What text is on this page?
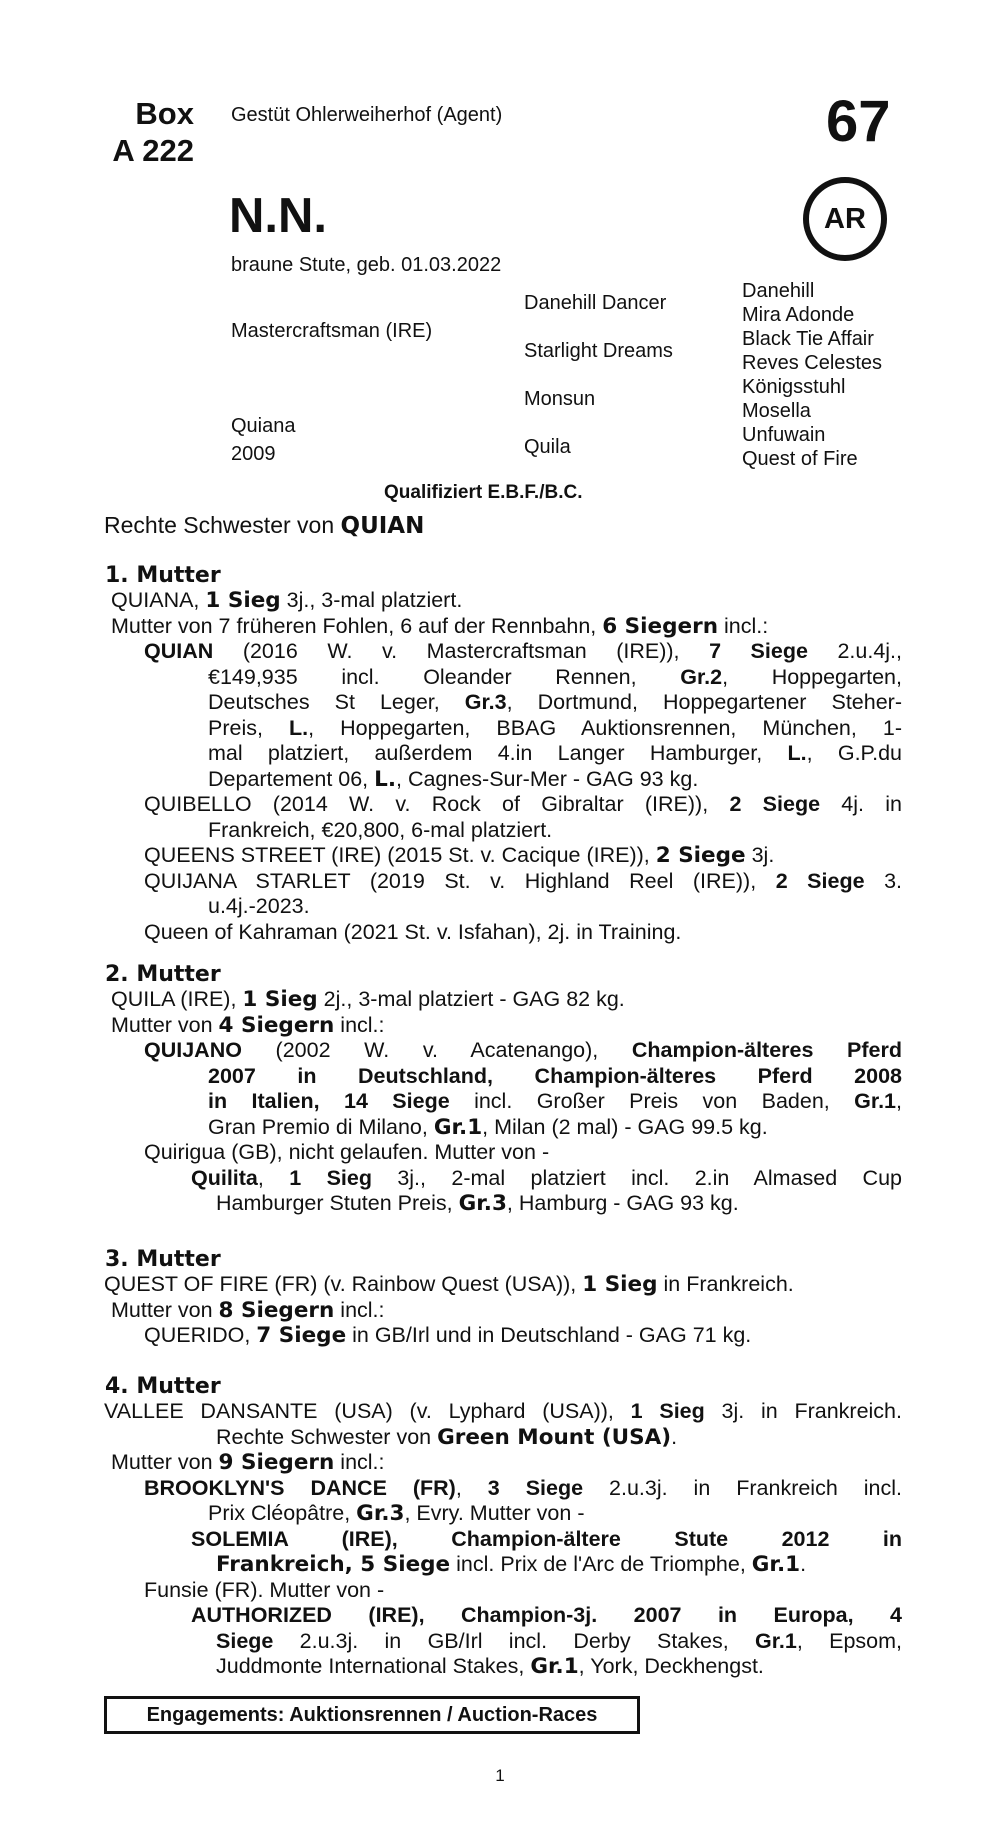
Box
A 222
Gestüt Ohlerweiherhof (Agent)	67
AR
N.N.
braune Stute, geb. 01.03.2022
Mastercraftsman (IRE)
Quiana
2009
Danehill Dancer
Starlight Dreams
Monsun
Quila
Danehill
Mira Adonde
Black Tie Affair
Reves Celestes
Königsstuhl
Mosella
Unfuwain
Quest of Fire
Qualifiziert E.B.F./B.C.
Rechte Schwester von QUIAN
1. Mutter
QUIANA, 1 Sieg 3j., 3-mal platziert.
Mutter von 7 früheren Fohlen, 6 auf der Rennbahn, 6 Siegern incl.:
QUIAN (2016 W. v. Mastercraftsman (IRE)), 7 Siege 2.u.4j.,
€149,935 incl. Oleander Rennen, Gr.2, Hoppegarten,
Deutsches St Leger, Gr.3, Dortmund, Hoppegartener Steher-
Preis, L., Hoppegarten, BBAG Auktionsrennen, München, 1-
mal platziert, außerdem 4.in Langer Hamburger, L., G.P.du
Departement 06, L., Cagnes-Sur-Mer - GAG 93 kg.
QUIBELLO (2014 W. v. Rock of Gibraltar (IRE)), 2 Siege 4j. in
Frankreich, €20,800, 6-mal platziert.
QUEENS STREET (IRE) (2015 St. v. Cacique (IRE)), 2 Siege 3j.
QUIJANA STARLET (2019 St. v. Highland Reel (IRE)), 2 Siege 3.
u.4j.-2023.
Queen of Kahraman (2021 St. v. Isfahan), 2j. in Training.
2. Mutter
QUILA (IRE), 1 Sieg 2j., 3-mal platziert - GAG 82 kg.
Mutter von 4 Siegern incl.:
QUIJANO (2002 W. v. Acatenango), Champion-älteres Pferd
2007 in Deutschland, Champion-älteres Pferd 2008
in Italien, 14 Siege incl. Großer Preis von Baden, Gr.1,
Gran Premio di Milano, Gr.1, Milan (2 mal) - GAG 99.5 kg.
Quirigua (GB), nicht gelaufen. Mutter von -
Quilita, 1 Sieg 3j., 2-mal platziert incl. 2.in Almased Cup
Hamburger Stuten Preis, Gr.3, Hamburg - GAG 93 kg.
3. Mutter
QUEST OF FIRE (FR) (v. Rainbow Quest (USA)), 1 Sieg in Frankreich.
Mutter von 8 Siegern incl.:
QUERIDO, 7 Siege in GB/Irl und in Deutschland - GAG 71 kg.
4. Mutter
VALLEE DANSANTE (USA) (v. Lyphard (USA)), 1 Sieg 3j. in Frankreich.
Rechte Schwester von Green Mount (USA).
Mutter von 9 Siegern incl.:
BROOKLYN'S DANCE (FR), 3 Siege 2.u.3j. in Frankreich incl.
Prix Cléopâtre, Gr.3, Evry. Mutter von -
SOLEMIA (IRE), Champion-ältere Stute 2012 in
Frankreich, 5 Siege incl. Prix de l'Arc de Triomphe, Gr.1.
Funsie (FR). Mutter von -
AUTHORIZED (IRE), Champion-3j. 2007 in Europa, 4
Siege 2.u.3j. in GB/Irl incl. Derby Stakes, Gr.1, Epsom,
Juddmonte International Stakes, Gr.1, York, Deckhengst.
Engagements: Auktionsrennen / Auction-Races
1
